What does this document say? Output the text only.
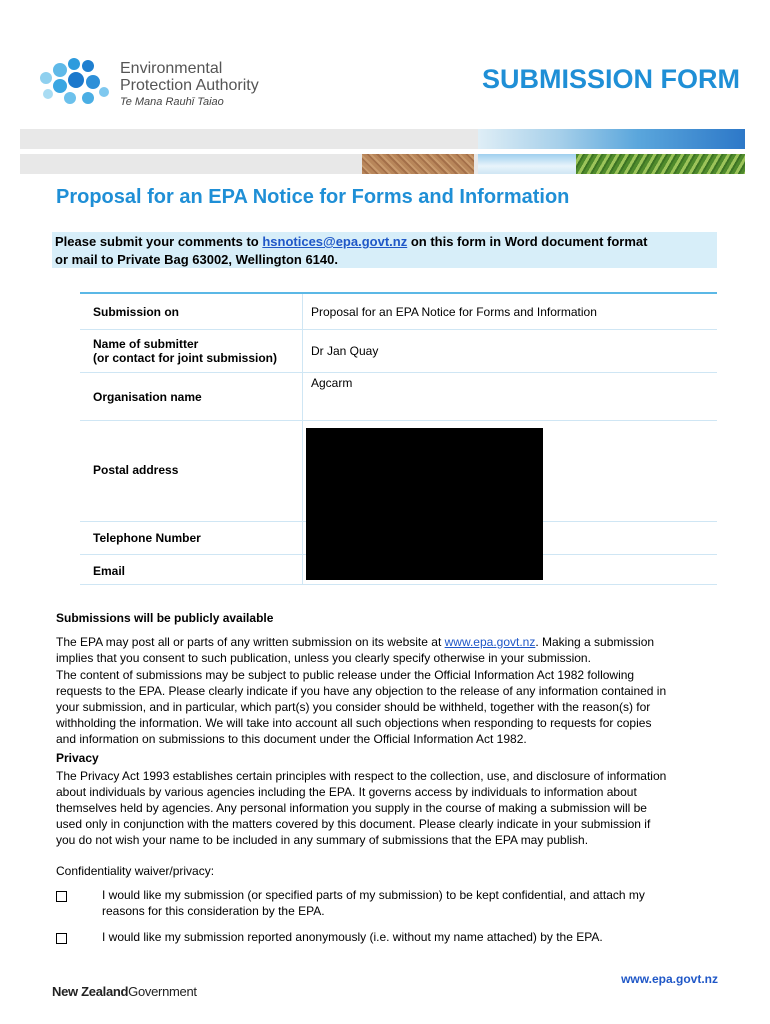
Environmental
Protection Authority
Te Mana Rauhī Taiao
SUBMISSION FORM
Proposal for an EPA Notice for Forms and Information
Please submit your comments to hsnotices@epa.govt.nz on this form in Word document format
or mail to Private Bag 63002, Wellington 6140.
Submission on	Proposal for an EPA Notice for Forms and Information
Name of submitter
(or contact for joint submission)	Dr Jan Quay
Agcarm
Organisation name
Postal address
Telephone Number
Email
Submissions will be publicly available
The EPA may post all or parts of any written submission on its website at www.epa.govt.nz. Making a submission
implies that you consent to such publication, unless you clearly specify otherwise in your submission.
The content of submissions may be subject to public release under the Official Information Act 1982 following
requests to the EPA. Please clearly indicate if you have any objection to the release of any information contained in
your submission, and in particular, which part(s) you consider should be withheld, together with the reason(s) for
withholding the information. We will take into account all such objections when responding to requests for copies
and information on submissions to this document under the Official Information Act 1982.
Privacy
The Privacy Act 1993 establishes certain principles with respect to the collection, use, and disclosure of information
about individuals by various agencies including the EPA. It governs access by individuals to information about
themselves held by agencies. Any personal information you supply in the course of making a submission will be
used only in conjunction with the matters covered by this document. Please clearly indicate in your submission if
you do not wish your name to be included in any summary of submissions that the EPA may publish.
Confidentiality waiver/privacy:
I would like my submission (or specified parts of my submission) to be kept confidential, and attach my
reasons for this consideration by the EPA.
I would like my submission reported anonymously (i.e. without my name attached) by the EPA.
www.epa.govt.nz
New ZealandGovernment
